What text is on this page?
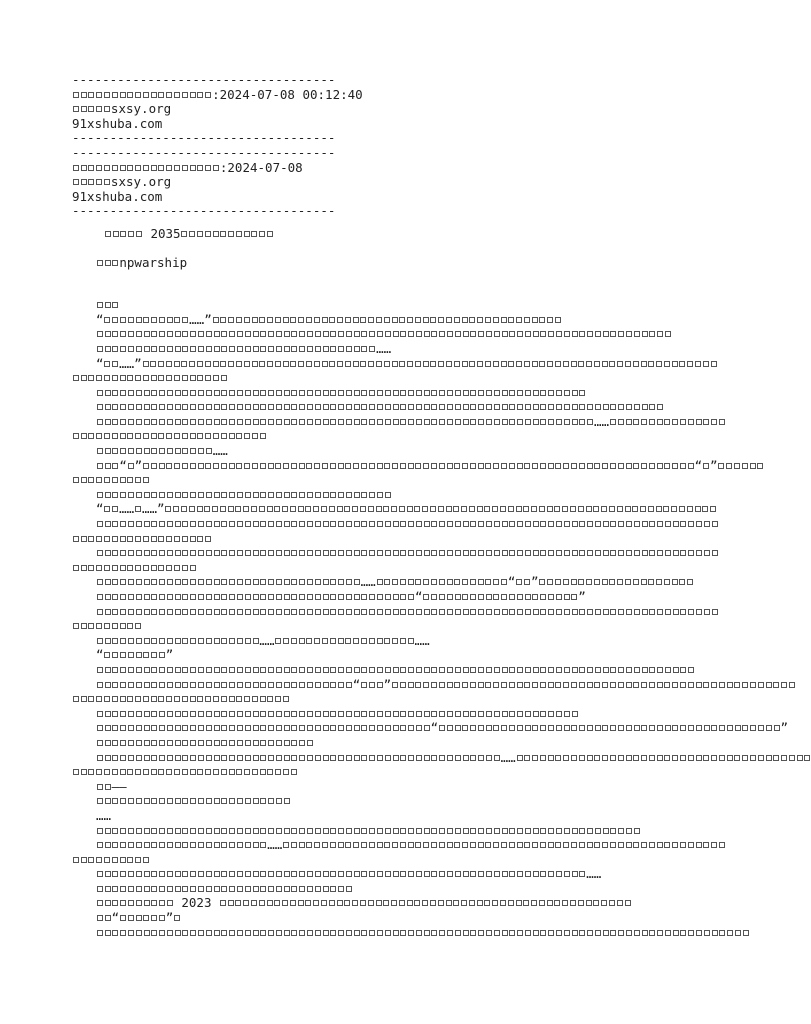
-----------------------------------
:2024-07-08 00:12:40
sxsy.org
91xshuba.com
-----------------------------------
-----------------------------------
:2024-07-08
sxsy.org
91xshuba.com
-----------------------------------
2035
npwarship
“	……”
……
“ ……”
……
……
“ ”	“ ”
“ …… ……”
……	“ ”
“	”
……	……
“	”
“ ”
“	”
……
——
……
……
……
2023
“	”
